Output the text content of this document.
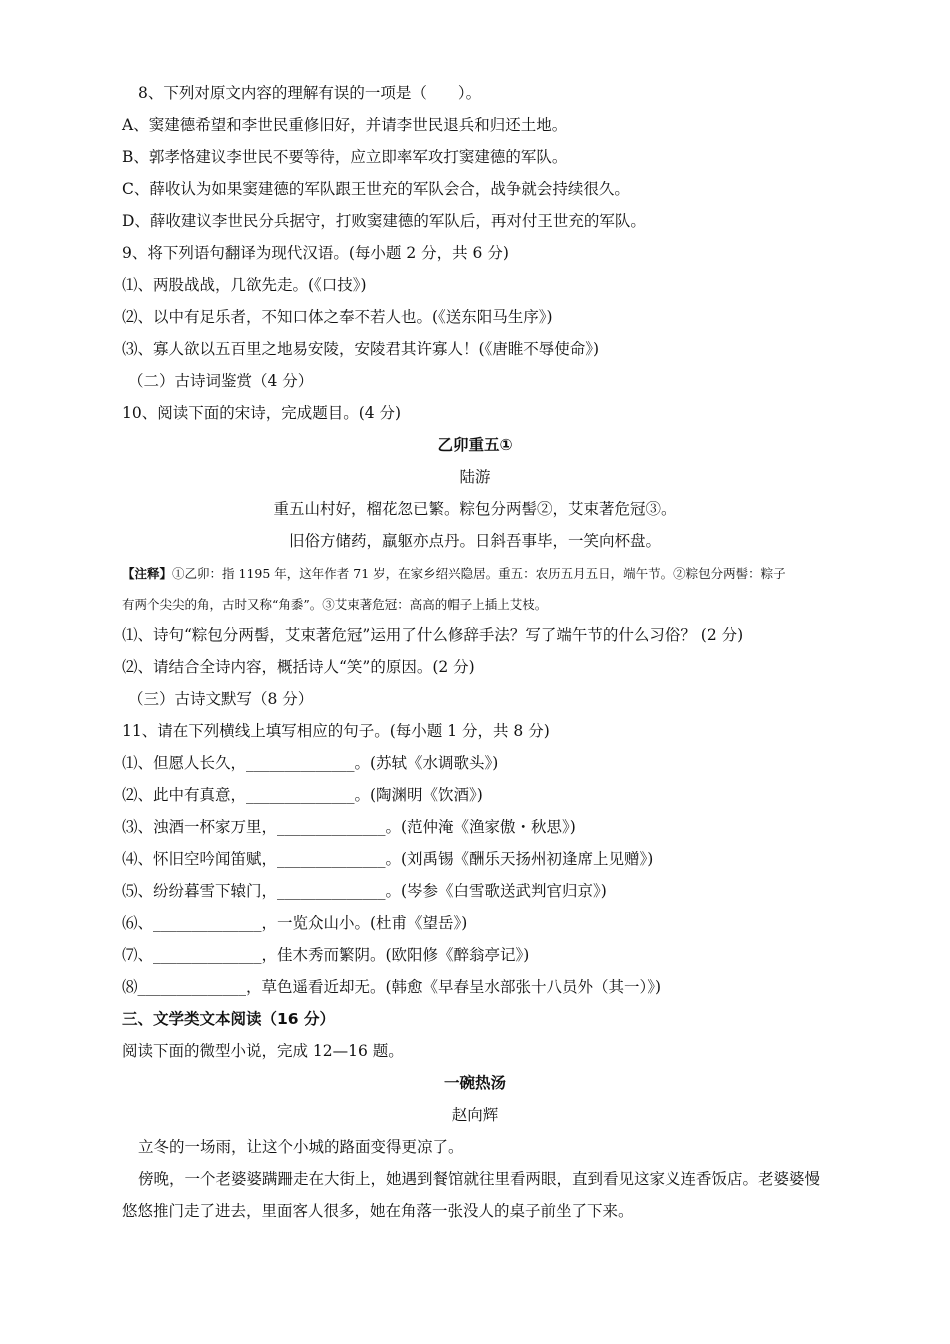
8、下列对原文内容的理解有误的一项是（　　）。
A、窦建德希望和李世民重修旧好，并请李世民退兵和归还土地。
B、郭孝恪建议李世民不要等待，应立即率军攻打窦建德的军队。
C、薛收认为如果窦建德的军队跟王世充的军队会合，战争就会持续很久。
D、薛收建议李世民分兵据守，打败窦建德的军队后，再对付王世充的军队。
9、将下列语句翻译为现代汉语。(每小题 2 分，共 6 分)
⑴、两股战战，几欲先走。(《口技》)
⑵、以中有足乐者，不知口体之奉不若人也。(《送东阳马生序》)
⑶、寡人欲以五百里之地易安陵，安陵君其许寡人！(《唐睢不辱使命》)
（二）古诗词鉴赏（4 分）
10、阅读下面的宋诗，完成题目。(4 分)
乙卯重五①
陆游
重五山村好，榴花忽已繁。粽包分两髻②，艾束著危冠③。
旧俗方储药，羸躯亦点丹。日斜吾事毕，一笑向杯盘。
【注释】①乙卯：指 1195 年，这年作者 71 岁，在家乡绍兴隐居。重五：农历五月五日，端午节。②粽包分两髻：粽子
有两个尖尖的角，古时又称“角黍”。③艾束著危冠：高高的帽子上插上艾枝。
⑴、诗句“粽包分两髻，艾束著危冠”运用了什么修辞手法？写了端午节的什么习俗？ (2 分)
⑵、请结合全诗内容，概括诗人“笑”的原因。(2 分)
（三）古诗文默写（8 分）
11、请在下列横线上填写相应的句子。(每小题 1 分，共 8 分)
⑴、但愿人长久，______________。(苏轼《水调歌头》)
⑵、此中有真意，______________。(陶渊明《饮酒》)
⑶、浊酒一杯家万里，______________。(范仲淹《渔家傲・秋思》)
⑷、怀旧空吟闻笛赋，______________。(刘禹锡《酬乐天扬州初逢席上见赠》)
⑸、纷纷暮雪下辕门，______________。(岑参《白雪歌送武判官归京》)
⑹、______________，一览众山小。(杜甫《望岳》)
⑺、______________，佳木秀而繁阴。(欧阳修《醉翁亭记》)
⑻______________，草色遥看近却无。(韩愈《早春呈水部张十八员外（其一）》)
三、文学类文本阅读（16 分）
阅读下面的微型小说，完成 12—16 题。
一碗热汤
赵向辉
立冬的一场雨，让这个小城的路面变得更凉了。
傍晚，一个老婆婆蹒跚走在大街上，她遇到餐馆就往里看两眼，直到看见这家义连香饭店。老婆婆慢
悠悠推门走了进去，里面客人很多，她在角落一张没人的桌子前坐了下来。
